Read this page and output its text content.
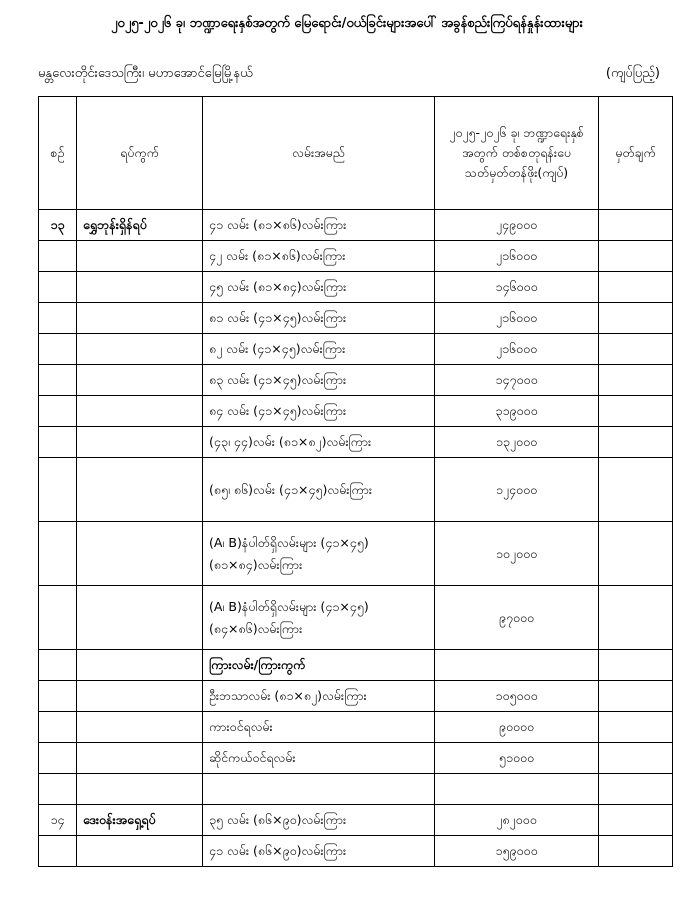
၂၀၂၅-၂၀၂၆ ခု၊ ဘဏ္ဍာရေးနှစ်အတွက် မြေရောင်း/ဝယ်ခြင်းများအပေါ် အခွန်စည်းကြပ်ရန်နှုန်းထားများ
မန္တလေးတိုင်းဒေသကြီး၊ မဟာအောင်မြေမြို့နယ်	(ကျပ်ပြည့်)
စဉ်	ရပ်ကွက်	လမ်းအမည်	၂၀၂၅-၂၀၂၆ ခု၊ ဘဏ္ဍာရေးနှစ်အတွက် တစ်စတုရန်းပေ သတ်မှတ်တန်ဖိုး(ကျပ်)	မှတ်ချက်
၁၃	ရွှေဘုန်းရှိန်ရပ်	၄၁ လမ်း (၈၁×၈၆)လမ်းကြား	၂၄၉၀၀၀	
		၄၂ လမ်း (၈၁×၈၆)လမ်းကြား	၂၁၆၀၀၀	
		၄၅ လမ်း (၈၁×၈၄)လမ်းကြား	၁၄၆၀၀၀	
		၈၁ လမ်း (၄၁×၄၅)လမ်းကြား	၂၁၆၀၀၀	
		၈၂ လမ်း (၄၁×၄၅)လမ်းကြား	၂၁၆၀၀၀	
		၈၃ လမ်း (၄၁×၄၅)လမ်းကြား	၁၄၇၀၀၀	
		၈၄ လမ်း (၄၁×၄၅)လမ်းကြား	၃၁၉၀၀၀	
		(၄၃၊ ၄၄)လမ်း (၈၁×၈၂)လမ်းကြား	၁၃၂၀၀၀	
		(၈၅၊ ၈၆)လမ်း (၄၁×၄၅)လမ်းကြား	၁၂၄၀၀၀	
		(A၊ B)နံပါတ်ရှိလမ်းများ (၄၁×၄၅)(၈၁×၈၄)လမ်းကြား	၁၀၂၀၀၀	
		(A၊ B)နံပါတ်ရှိလမ်းများ (၄၁×၄၅)(၈၄×၈၆)လမ်းကြား	၉၇၀၀၀	
		ကြားလမ်း/ကြားကွက်		
		ဦးဘသာလမ်း (၈၁×၈၂)လမ်းကြား	၁၀၅၀၀၀	
		ကားဝင်ရလမ်း	၉၀၀၀၀	
		ဆိုင်ကယ်ဝင်ရလမ်း	၅၁၀၀၀	

၁၄	ဒေးဝန်းအရှေ့ရပ်	၃၅ လမ်း (၈၆×၉၀)လမ်းကြား	၂၈၂၀၀၀	
		၄၁ လမ်း (၈၆×၉၀)လမ်းကြား	၁၅၉၀၀၀	
